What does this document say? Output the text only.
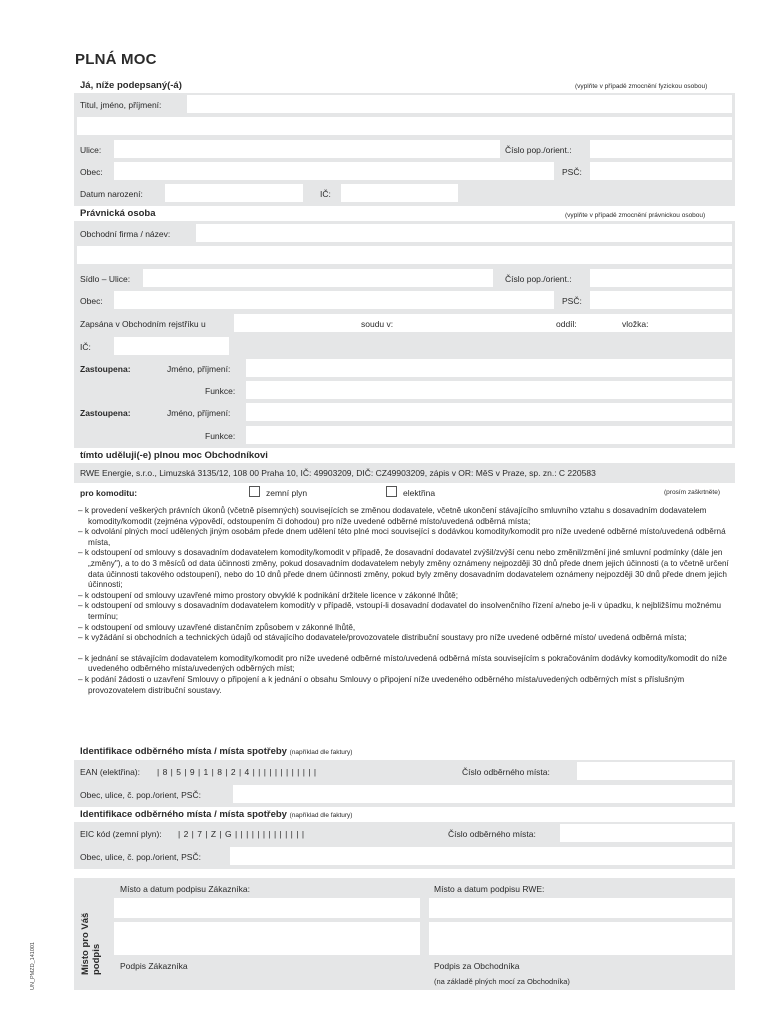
PLNÁ MOC
Já, níže podepsaný(-á)	(vyplňte v případě zmocnění fyzickou osobou)
Titul, jméno, příjmení:
Ulice:	Číslo pop./orient.:
Obec:	PSČ:
Datum narození:	IČ:
Právnická osoba	(vyplňte v případě zmocnění právnickou osobou)
Obchodní firma / název:
Sídlo – Ulice:	Číslo pop./orient.:
Obec:	PSČ:
Zapsána v Obchodním rejstříku u	soudu v:	oddíl:	vložka:
IČ:
Zastoupena:	Jméno, příjmení:
Funkce:
Zastoupena:	Jméno, příjmení:
Funkce:
tímto uděluji(-e) plnou moc Obchodníkovi
RWE Energie, s.r.o., Limuzská 3135/12, 108 00 Praha 10, IČ: 49903209, DIČ: CZ49903209, zápis v OR: MěS v Praze, sp. zn.: C 220583
pro komoditu:	zemní plyn	elektřina	(prosím zaškrtněte)
– k provedení veškerých právních úkonů (včetně písemných) souvisejících se změnou dodavatele, včetně ukončení stávajícího smluvního vztahu s dosavadním dodavatelem komodity/komodit (zejména výpovědí, odstoupením či dohodou) pro níže uvedené odběrné místo/uvedená odběrná místa;
– k odvolání plných mocí udělených jiným osobám přede dnem udělení této plné moci související s dodávkou komodity/komodit pro níže uvedené odběrné místo/uvedená odběrná místa,
– k odstoupení od smlouvy s dosavadním dodavatelem komodity/komodit v případě, že dosavadní dodavatel zvýšil/zvýší cenu nebo změnil/změní jiné smluvní podmínky (dále jen „změny"), a to do 3 měsíců od data účinnosti změny, pokud dosavadním dodavatelem nebyly změny oznámeny nejpozději 30 dnů přede dnem jejich účinnosti (a to včetně určení data účinnosti takového odstoupení), nebo do 10 dnů přede dnem účinnosti změny, pokud byly změny dosavadním dodavatelem oznámeny nejpozději 30 dnů přede dnem jejich účinnosti;
– k odstoupení od smlouvy uzavřené mimo prostory obvyklé k podnikání držitele licence v zákonné lhůtě;
– k odstoupení od smlouvy s dosavadním dodavatelem komodit/y v případě, vstoupí-li dosavadní dodavatel do insolvenčního řízení a/nebo je-li v úpadku, k nejbližšímu možnému termínu;
– k odstoupení od smlouvy uzavřené distančním způsobem v zákonné lhůtě,
– k vyžádání si obchodních a technických údajů od stávajícího dodavatele/provozovatele distribuční soustavy pro níže uvedené odběrné místo/ uvedená odběrná místa;
– k jednání se stávajícím dodavatelem komodity/komodit pro níže uvedené odběrné místo/uvedená odběrná místa souvisejícím s pokračováním dodávky komodity/komodit do níže uvedeného odběrného místa/uvedených odběrných míst;
– k podání žádosti o uzavření Smlouvy o připojení a k jednání o obsahu Smlouvy o připojení níže uvedeného odběrného místa/uvedených odběrných míst s příslušným provozovatelem distribuční soustavy.
Identifikace odběrného místa / místa spotřeby (například dle faktury)
EAN (elektřina): | 8 | 5 | 9 | 1 | 8 | 2 | 4 | | | | | | | | | | | |	Číslo odběrného místa:
Obec, ulice, č. pop./orient, PSČ:
Identifikace odběrného místa / místa spotřeby (například dle faktury)
EIC kód (zemní plyn): | 2 | 7 | Z | G | | | | | | | | | | | | |	Číslo odběrného místa:
Obec, ulice, č. pop./orient, PSČ:
Místo pro Váš podpis
Místo a datum podpisu Zákazníka:	Místo a datum podpisu RWE:
Podpis Zákazníka	Podpis za Obchodníka
(na základě plných mocí za Obchodníka)
UN_PMZD_141001
